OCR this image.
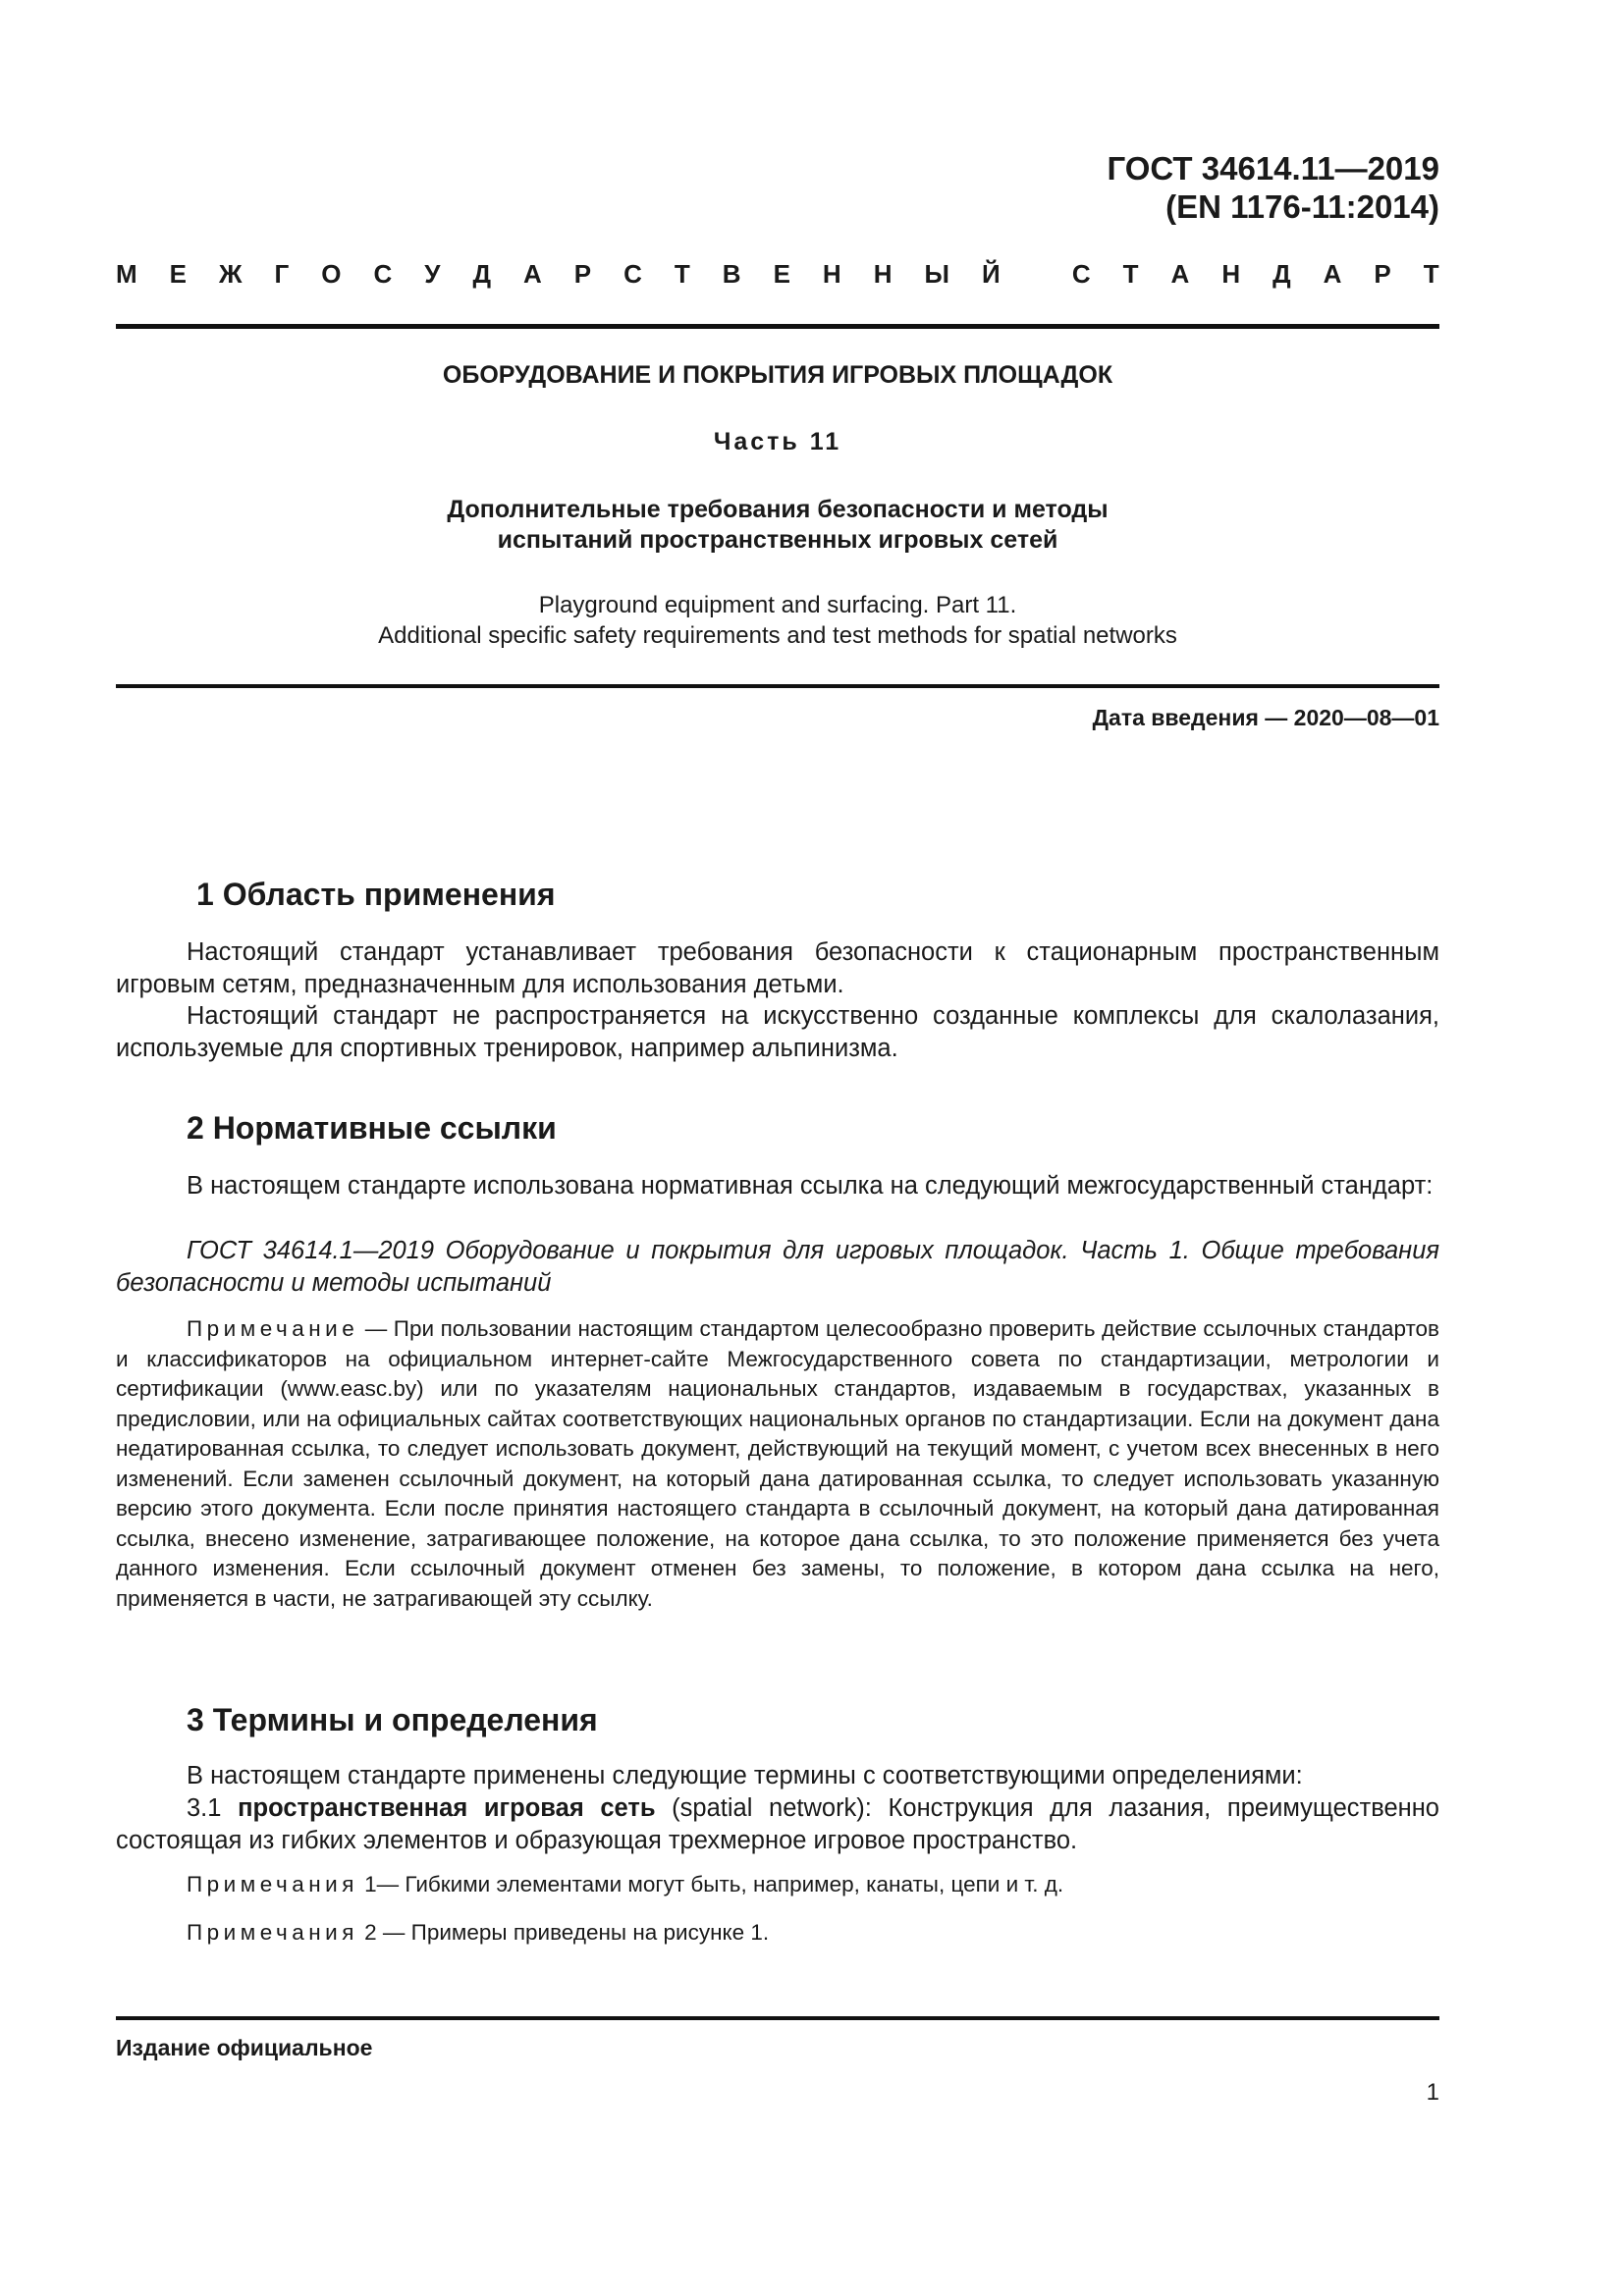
ГОСТ 34614.11—2019
(EN 1176-11:2014)
М Е Ж Г О С У Д А Р С Т В Е Н Н Ы Й
	С Т А Н Д А Р Т
ОБОРУДОВАНИЕ И ПОКРЫТИЯ ИГРОВЫХ ПЛОЩАДОК
Часть 11
Дополнительные требования безопасности и методы
испытаний пространственных игровых сетей
Playground equipment and surfacing. Part 11.
Additional specific safety requirements and test methods for spatial networks
Дата введения — 2020—08—01
1 Область применения
Настоящий стандарт устанавливает требования безопасности к стационарным пространственным игровым сетям, предназначенным для использования детьми.
Настоящий стандарт не распространяется на искусственно созданные комплексы для скалолазания, используемые для спортивных тренировок, например альпинизма.
2 Нормативные ссылки
В настоящем стандарте использована нормативная ссылка на следующий межгосударственный стандарт:
ГОСТ 34614.1—2019 Оборудование и покрытия для игровых площадок. Часть 1. Общие требования безопасности и методы испытаний
Примечание — При пользовании настоящим стандартом целесообразно проверить действие ссылочных стандартов и классификаторов на официальном интернет-сайте Межгосударственного совета по стандартизации, метрологии и сертификации (www.easc.by) или по указателям национальных стандартов, издаваемым в государствах, указанных в предисловии, или на официальных сайтах соответствующих национальных органов по стандартизации. Если на документ дана недатированная ссылка, то следует использовать документ, действующий на текущий момент, с учетом всех внесенных в него изменений. Если заменен ссылочный документ, на который дана датированная ссылка, то следует использовать указанную версию этого документа. Если после принятия настоящего стандарта в ссылочный документ, на который дана датированная ссылка, внесено изменение, затрагивающее положение, на которое дана ссылка, то это положение применяется без учета данного изменения. Если ссылочный документ отменен без замены, то положение, в котором дана ссылка на него, применяется в части, не затрагивающей эту ссылку.
3 Термины и определения
В настоящем стандарте применены следующие термины с соответствующими определениями:
3.1 пространственная игровая сеть (spatial network): Конструкция для лазания, преимущественно состоящая из гибких элементов и образующая трехмерное игровое пространство.
Примечания 1— Гибкими элементами могут быть, например, канаты, цепи и т. д.
Примечания 2 — Примеры приведены на рисунке 1.
Издание официальное
1
